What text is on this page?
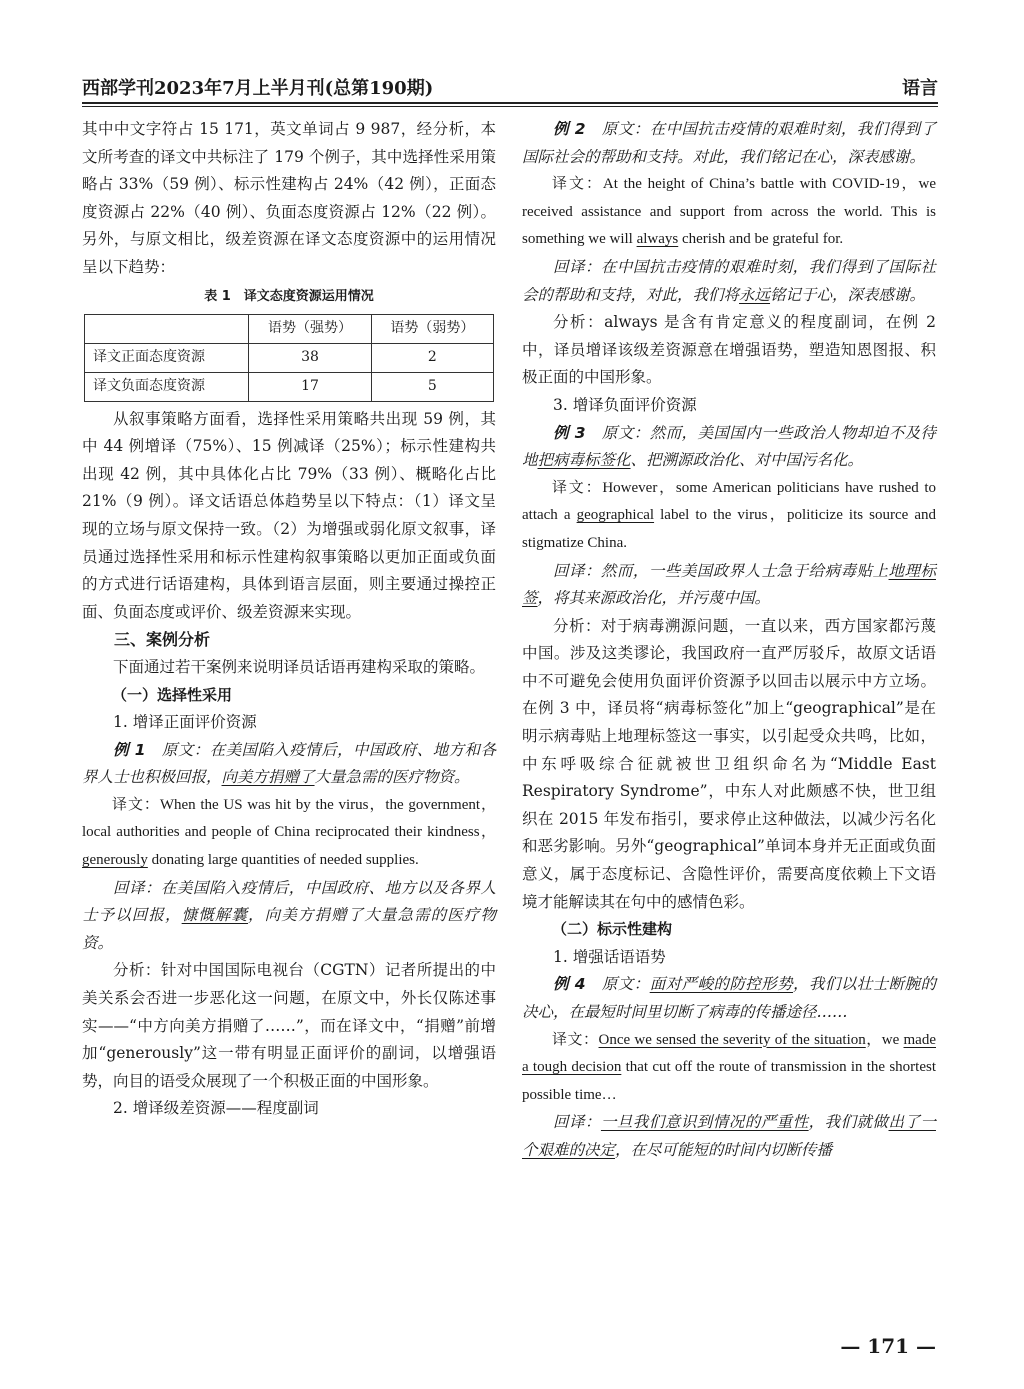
西部学刊2023年7月上半月刊(总第190期)	语言

其中中文字符占 15 171，英文单词占 9 987，经分析，本文所考查的译文中共标注了 179 个例子，其中选择性采用策略占 33%（59 例）、标示性建构占 24%（42 例），正面态度资源占 22%（40 例）、负面态度资源占 12%（22 例）。另外，与原文相比，级差资源在译文态度资源中的运用情况呈以下趋势：

表 1　译文态度资源运用情况
	语势（强势）	语势（弱势）
译文正面态度资源	38	2
译文负面态度资源	17	5

从叙事策略方面看，选择性采用策略共出现 59 例，其中 44 例增译（75%）、15 例减译（25%）；标示性建构共出现 42 例，其中具体化占比 79%（33 例）、概略化占比 21%（9 例）。译文话语总体趋势呈以下特点：（1）译文呈现的立场与原文保持一致。（2）为增强或弱化原文叙事，译员通过选择性采用和标示性建构叙事策略以更加正面或负面的方式进行话语建构，具体到语言层面，则主要通过操控正面、负面态度或评价、级差资源来实现。

三、案例分析

下面通过若干案例来说明译员话语再建构采取的策略。

（一）选择性采用

1. 增译正面评价资源

例 1　原文：在美国陷入疫情后，中国政府、地方和各界人士也积极回报，向美方捐赠了大量急需的医疗物资。

译文：When the US was hit by the virus，the government，local authorities and people of China reciprocated their kindness，generously donating large quantities of needed supplies.

回译：在美国陷入疫情后，中国政府、地方以及各界人士予以回报，慷慨解囊，向美方捐赠了大量急需的医疗物资。

分析：针对中国国际电视台（CGTN）记者所提出的中美关系会否进一步恶化这一问题，在原文中，外长仅陈述事实——“中方向美方捐赠了……”，而在译文中，“捐赠”前增加“generously”这一带有明显正面评价的副词，以增强语势，向目的语受众展现了一个积极正面的中国形象。

2. 增译级差资源——程度副词

例 2　原文：在中国抗击疫情的艰难时刻，我们得到了国际社会的帮助和支持。对此，我们铭记在心，深表感谢。

译文：At the height of China’s battle with COVID-19，we received assistance and support from across the world. This is something we will always cherish and be grateful for.

回译：在中国抗击疫情的艰难时刻，我们得到了国际社会的帮助和支持，对此，我们将永远铭记于心，深表感谢。

分析：always 是含有肯定意义的程度副词，在例 2 中，译员增译该级差资源意在增强语势，塑造知恩图报、积极正面的中国形象。

3. 增译负面评价资源

例 3　原文：然而，美国国内一些政治人物却迫不及待地把病毒标签化、把溯源政治化、对中国污名化。

译文：However，some American politicians have rushed to attach a geographical label to the virus，politicize its source and stigmatize China.

回译：然而，一些美国政界人士急于给病毒贴上地理标签，将其来源政治化，并污蔑中国。

分析：对于病毒溯源问题，一直以来，西方国家都污蔑中国。涉及这类谬论，我国政府一直严厉驳斥，故原文话语中不可避免会使用负面评价资源予以回击以展示中方立场。在例 3 中，译员将“病毒标签化”加上“geographical”是在明示病毒贴上地理标签这一事实，以引起受众共鸣，比如，中东呼吸综合征就被世卫组织命名为“Middle East Respiratory Syndrome”，中东人对此颇感不快，世卫组织在 2015 年发布指引，要求停止这种做法，以减少污名化和恶劣影响。另外“geographical”单词本身并无正面或负面意义，属于态度标记、含隐性评价，需要高度依赖上下文语境才能解读其在句中的感情色彩。

（二）标示性建构

1. 增强话语语势

例 4　原文：面对严峻的防控形势，我们以壮士断腕的决心，在最短时间里切断了病毒的传播途径……

译文：Once we sensed the severity of the situation，we made a tough decision that cut off the route of transmission in the shortest possible time…

回译：一旦我们意识到情况的严重性，我们就做出了一个艰难的决定，在尽可能短的时间内切断传播

— 171 —
